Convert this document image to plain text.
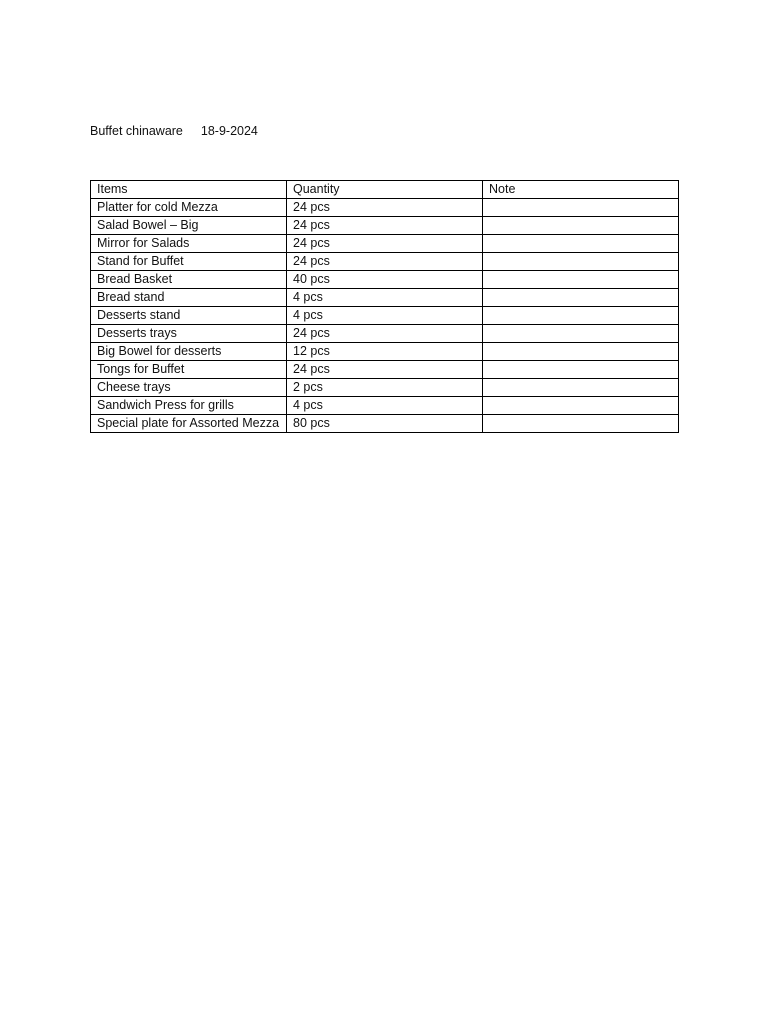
Buffet chinaware 18-9-2024
Items	Quantity	Note
Platter for cold Mezza	24 pcs	
Salad Bowel – Big	24 pcs	
Mirror for Salads	24 pcs	
Stand for Buffet	24 pcs	
Bread Basket	40 pcs	
Bread stand	4 pcs	
Desserts stand	4 pcs	
Desserts trays	24 pcs	
Big Bowel for desserts	12 pcs	
Tongs for Buffet	24 pcs	
Cheese trays	2 pcs	
Sandwich Press for grills	4 pcs	
Special plate for Assorted Mezza	80 pcs	
